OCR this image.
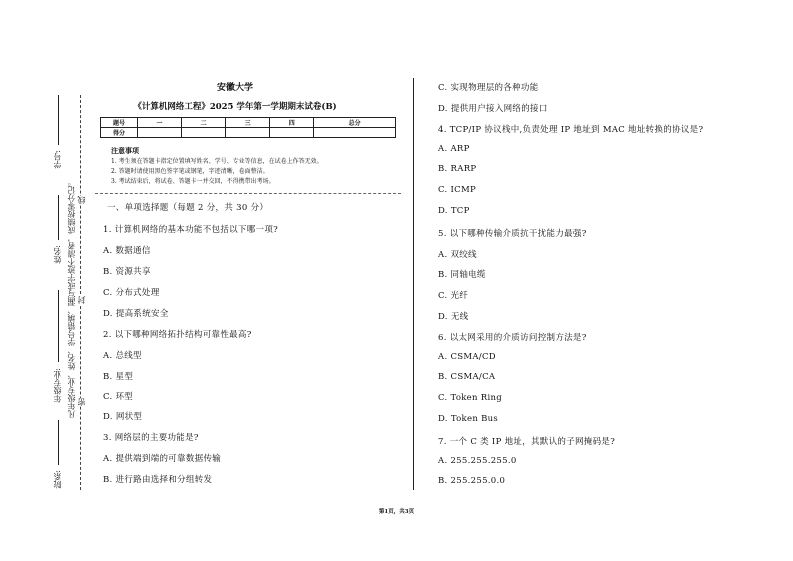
学号:
姓名:
年级专业:
院系:
凡年级专业、姓名、学号错填、漏写或字迹不清者，成绩按零分记。 线
封
密
安徽大学
《计算机网络工程》2025 学年第一学期期末试卷(B)
题号	一	二	三	四	总分
得分					
注意事项
1. 考生须在答题卡指定位置填写姓名、学号、专业等信息，在试卷上作答无效。
2. 答题时请使用黑色签字笔或钢笔，字迹清晰，卷面整洁。
3. 考试结束后，将试卷、答题卡一并交回，不得携带出考场。
一、单项选择题（每题 2 分，共 30 分）
1. 计算机网络的基本功能不包括以下哪一项?
A. 数据通信
B. 资源共享
C. 分布式处理
D. 提高系统安全
2. 以下哪种网络拓扑结构可靠性最高?
A. 总线型
B. 星型
C. 环型
D. 网状型
3. 网络层的主要功能是?
A. 提供端到端的可靠数据传输
B. 进行路由选择和分组转发
C. 实现物理层的各种功能
D. 提供用户接入网络的接口
4. TCP/IP 协议栈中,负责处理 IP 地址到 MAC 地址转换的协议是?
A. ARP
B. RARP
C. ICMP
D. TCP
5. 以下哪种传输介质抗干扰能力最强?
A. 双绞线
B. 同轴电缆
C. 光纤
D. 无线
6. 以太网采用的介质访问控制方法是?
A. CSMA/CD
B. CSMA/CA
C. Token Ring
D. Token Bus
7. 一个 C 类 IP 地址，其默认的子网掩码是?
A. 255.255.255.0
B. 255.255.0.0
第1页，共3页
